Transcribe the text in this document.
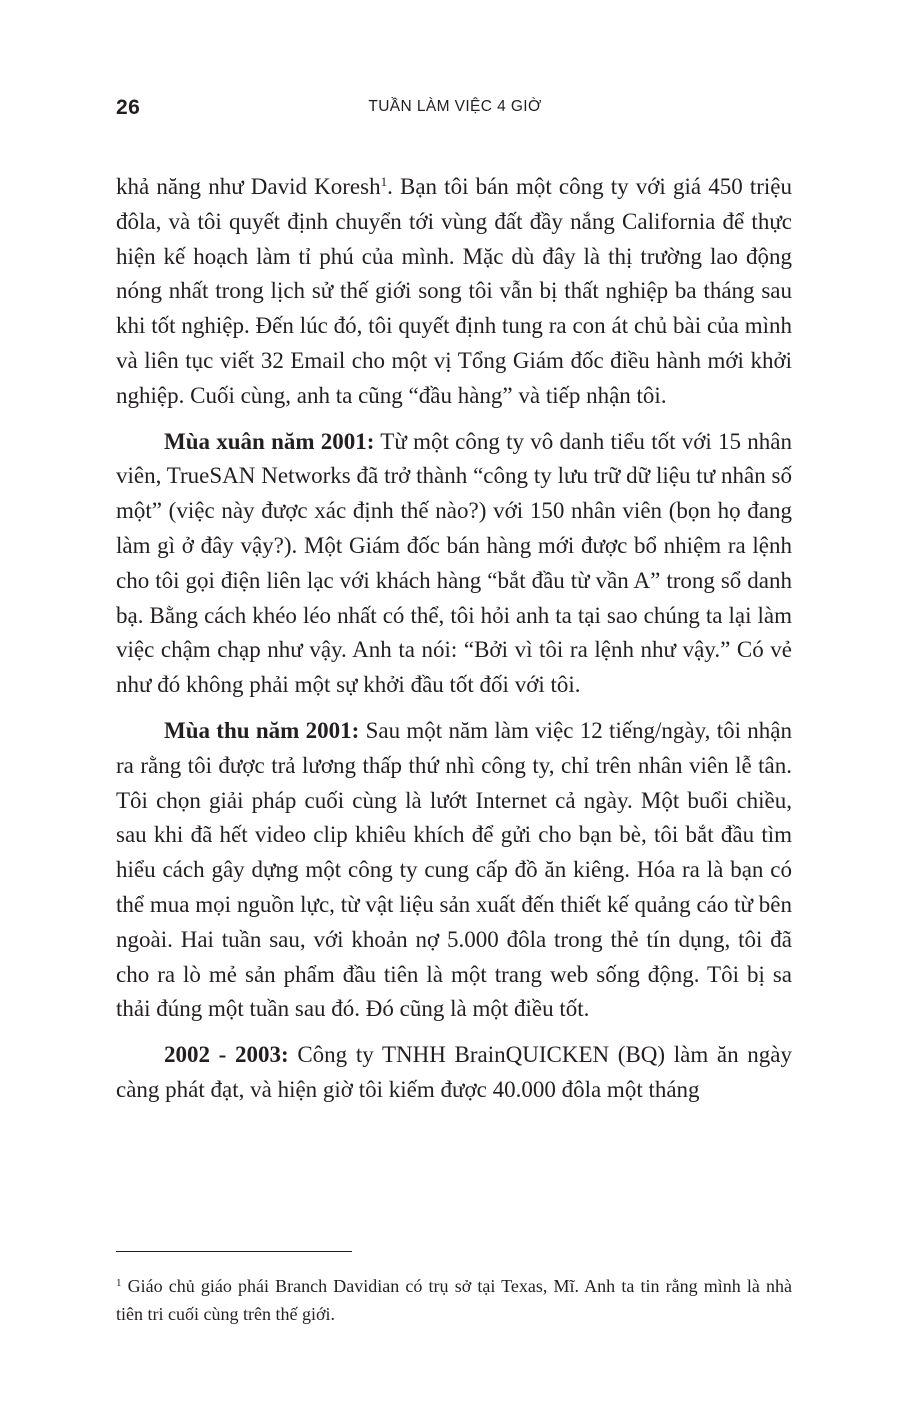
26	TUẦN LÀM VIỆC 4 GIỜ

khả năng như David Koresh$^1$. Bạn tôi bán một công ty với giá 450 triệu đôla, và tôi quyết định chuyển tới vùng đất đầy nắng California để thực hiện kế hoạch làm tỉ phú của mình. Mặc dù đây là thị trường lao động nóng nhất trong lịch sử thế giới song tôi vẫn bị thất nghiệp ba tháng sau khi tốt nghiệp. Đến lúc đó, tôi quyết định tung ra con át chủ bài của mình và liên tục viết 32 Email cho một vị Tổng Giám đốc điều hành mới khởi nghiệp. Cuối cùng, anh ta cũng “đầu hàng” và tiếp nhận tôi.

Mùa xuân năm 2001: Từ một công ty vô danh tiểu tốt với 15 nhân viên, TrueSAN Networks đã trở thành “công ty lưu trữ dữ liệu tư nhân số một” (việc này được xác định thế nào?) với 150 nhân viên (bọn họ đang làm gì ở đây vậy?). Một Giám đốc bán hàng mới được bổ nhiệm ra lệnh cho tôi gọi điện liên lạc với khách hàng “bắt đầu từ vần A” trong sổ danh bạ. Bằng cách khéo léo nhất có thể, tôi hỏi anh ta tại sao chúng ta lại làm việc chậm chạp như vậy. Anh ta nói: “Bởi vì tôi ra lệnh như vậy.” Có vẻ như đó không phải một sự khởi đầu tốt đối với tôi.

Mùa thu năm 2001: Sau một năm làm việc 12 tiếng/ngày, tôi nhận ra rằng tôi được trả lương thấp thứ nhì công ty, chỉ trên nhân viên lễ tân. Tôi chọn giải pháp cuối cùng là lướt Internet cả ngày. Một buổi chiều, sau khi đã hết video clip khiêu khích để gửi cho bạn bè, tôi bắt đầu tìm hiểu cách gây dựng một công ty cung cấp đồ ăn kiêng. Hóa ra là bạn có thể mua mọi nguồn lực, từ vật liệu sản xuất đến thiết kế quảng cáo từ bên ngoài. Hai tuần sau, với khoản nợ 5.000 đôla trong thẻ tín dụng, tôi đã cho ra lò mẻ sản phẩm đầu tiên là một trang web sống động. Tôi bị sa thải đúng một tuần sau đó. Đó cũng là một điều tốt.

2002 - 2003: Công ty TNHH BrainQUICKEN (BQ) làm ăn ngày càng phát đạt, và hiện giờ tôi kiếm được 40.000 đôla một tháng

$^1$ Giáo chủ giáo phái Branch Davidian có trụ sở tại Texas, Mĩ. Anh ta tin rằng mình là nhà tiên tri cuối cùng trên thế giới.
